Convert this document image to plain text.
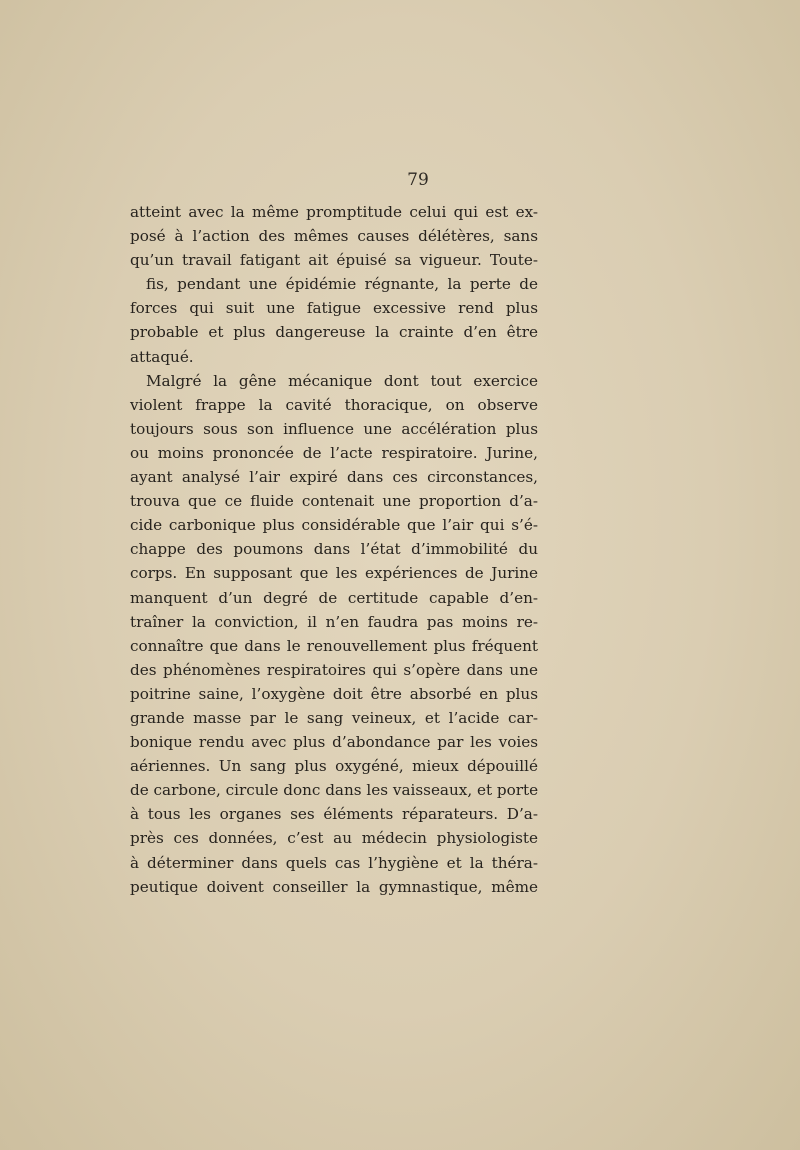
79
atteint avec la même promptitude celui qui est ex-
posé à l’action des mêmes causes délétères, sans
qu’un travail fatigant ait épuisé sa vigueur. Toute-
fis, pendant une épidémie régnante, la perte de
forces qui suit une fatigue excessive rend plus
probable et plus dangereuse la crainte d’en être
attaqué.
Malgré la gêne mécanique dont tout exercice
violent frappe la cavité thoracique, on observe
toujours sous son influence une accélération plus
ou moins prononcée de l’acte respiratoire. Jurine,
ayant analysé l’air expiré dans ces circonstances,
trouva que ce fluide contenait une proportion d’a-
cide carbonique plus considérable que l’air qui s’é-
chappe des poumons dans l’état d’immobilité du
corps. En supposant que les expériences de Jurine
manquent d’un degré de certitude capable d’en-
traîner la conviction, il n’en faudra pas moins re-
connaître que dans le renouvellement plus fréquent
des phénomènes respiratoires qui s’opère dans une
poitrine saine, l’oxygène doit être absorbé en plus
grande masse par le sang veineux, et l’acide car-
bonique rendu avec plus d’abondance par les voies
aériennes. Un sang plus oxygéné, mieux dépouillé
de carbone, circule donc dans les vaisseaux, et porte
à tous les organes ses éléments réparateurs. D’a-
près ces données, c’est au médecin physiologiste
à déterminer dans quels cas l’hygiène et la théra-
peutique doivent conseiller la gymnastique, même
